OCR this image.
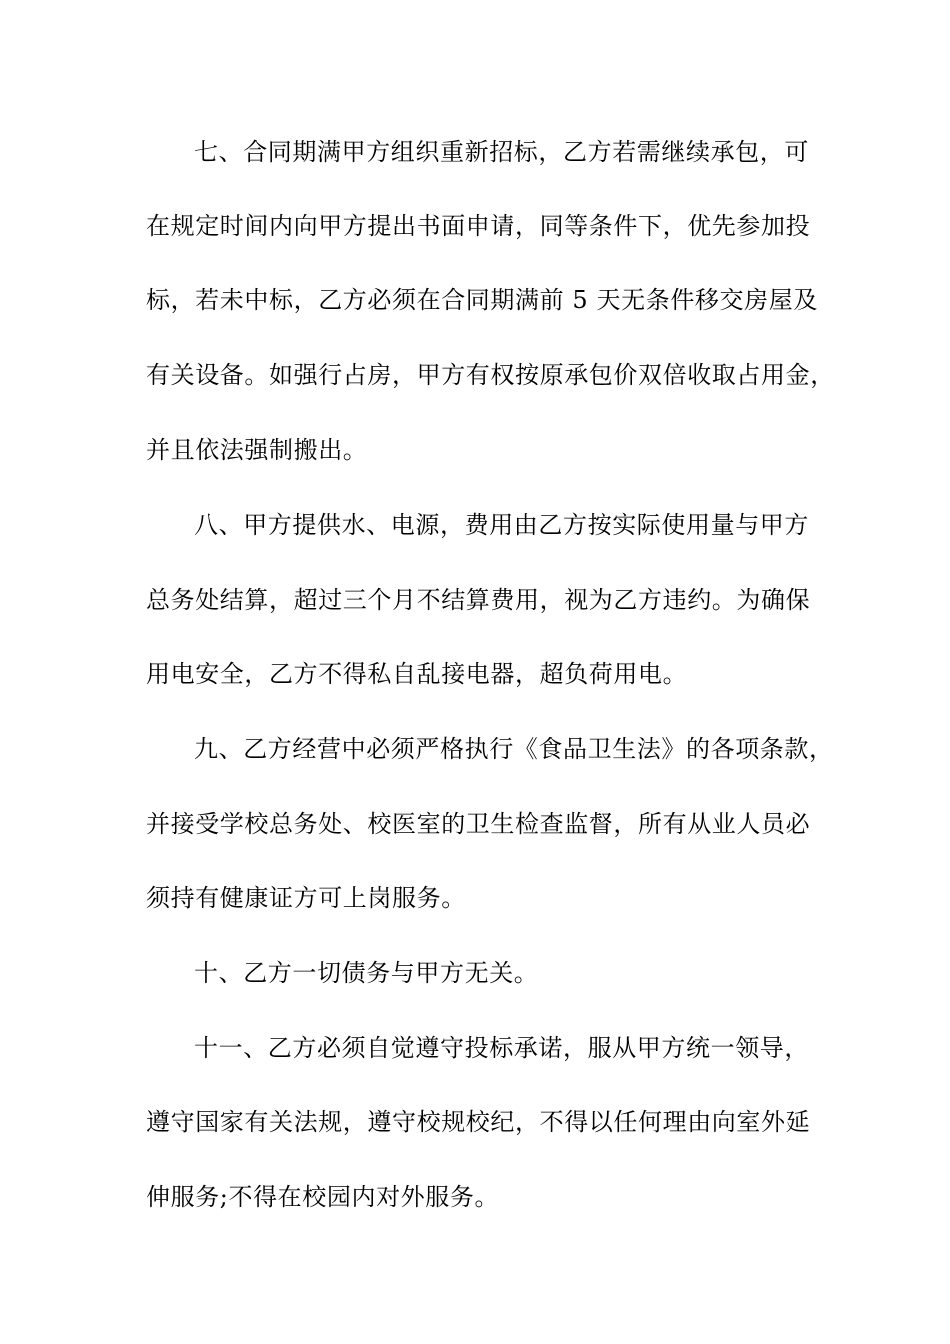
七、合同期满甲方组织重新招标，乙方若需继续承包，可
在规定时间内向甲方提出书面申请，同等条件下，优先参加投
标，若未中标，乙方必须在合同期满前 5 天无条件移交房屋及
有关设备。如强行占房，甲方有权按原承包价双倍收取占用金，
并且依法强制搬出。
八、甲方提供水、电源，费用由乙方按实际使用量与甲方
总务处结算，超过三个月不结算费用，视为乙方违约。为确保
用电安全，乙方不得私自乱接电器，超负荷用电。
九、乙方经营中必须严格执行《食品卫生法》的各项条款，
并接受学校总务处、校医室的卫生检查监督，所有从业人员必
须持有健康证方可上岗服务。
十、乙方一切债务与甲方无关。
十一、乙方必须自觉遵守投标承诺，服从甲方统一领导，
遵守国家有关法规，遵守校规校纪，不得以任何理由向室外延
伸服务;不得在校园内对外服务。
